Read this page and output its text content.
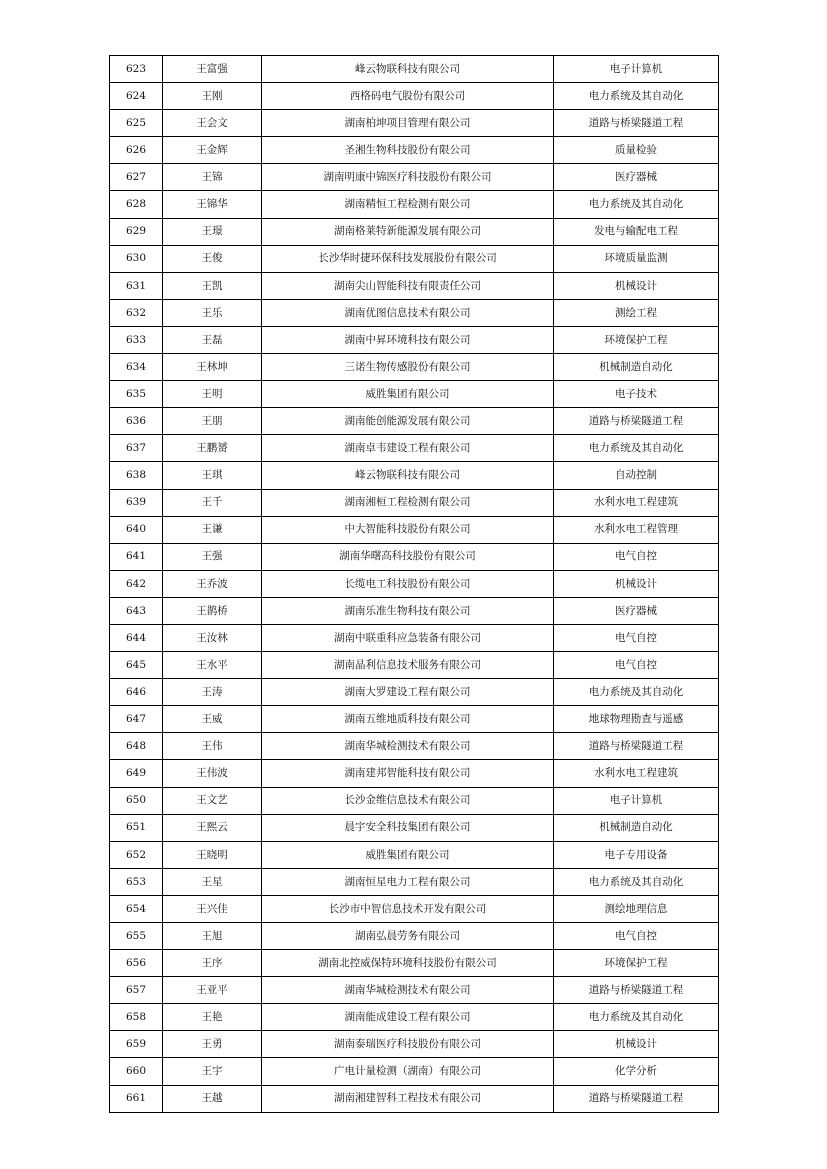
623	王富强	峰云物联科技有限公司	电子计算机
624	王刚	西格码电气股份有限公司	电力系统及其自动化
625	王会文	湖南柏坤项目管理有限公司	道路与桥梁隧道工程
626	王金辉	圣湘生物科技股份有限公司	质量检验
627	王锦	湖南明康中锦医疗科技股份有限公司	医疗器械
628	王锦华	湖南精恒工程检测有限公司	电力系统及其自动化
629	王璟	湖南格莱特新能源发展有限公司	发电与输配电工程
630	王俊	长沙华时捷环保科技发展股份有限公司	环境质量监测
631	王凯	湖南尖山智能科技有限责任公司	机械设计
632	王乐	湖南优图信息技术有限公司	测绘工程
633	王磊	湖南中昇环境科技有限公司	环境保护工程
634	王林坤	三诺生物传感股份有限公司	机械制造自动化
635	王明	威胜集团有限公司	电子技术
636	王朋	湖南能创能源发展有限公司	道路与桥梁隧道工程
637	王鹏赟	湖南卓韦建设工程有限公司	电力系统及其自动化
638	王琪	峰云物联科技有限公司	自动控制
639	王千	湖南湘桓工程检测有限公司	水利水电工程建筑
640	王谦	中大智能科技股份有限公司	水利水电工程管理
641	王强	湖南华曙高科技股份有限公司	电气自控
642	王乔波	长缆电工科技股份有限公司	机械设计
643	王鹊桥	湖南乐准生物科技有限公司	医疗器械
644	王汝林	湖南中联重科应急装备有限公司	电气自控
645	王水平	湖南晶利信息技术服务有限公司	电气自控
646	王涛	湖南大罗建设工程有限公司	电力系统及其自动化
647	王威	湖南五维地质科技有限公司	地球物理勘查与遥感
648	王伟	湖南华城检测技术有限公司	道路与桥梁隧道工程
649	王伟波	湖南建邦智能科技有限公司	水利水电工程建筑
650	王文艺	长沙金维信息技术有限公司	电子计算机
651	王熙云	晨宇安全科技集团有限公司	机械制造自动化
652	王晓明	威胜集团有限公司	电子专用设备
653	王星	湖南恒星电力工程有限公司	电力系统及其自动化
654	王兴佳	长沙市中智信息技术开发有限公司	测绘地理信息
655	王旭	湖南弘晨劳务有限公司	电气自控
656	王序	湖南北控威保特环境科技股份有限公司	环境保护工程
657	王亚平	湖南华城检测技术有限公司	道路与桥梁隧道工程
658	王艳	湖南能成建设工程有限公司	电力系统及其自动化
659	王勇	湖南泰瑞医疗科技股份有限公司	机械设计
660	王宇	广电计量检测（湖南）有限公司	化学分析
661	王越	湖南湘建智科工程技术有限公司	道路与桥梁隧道工程
